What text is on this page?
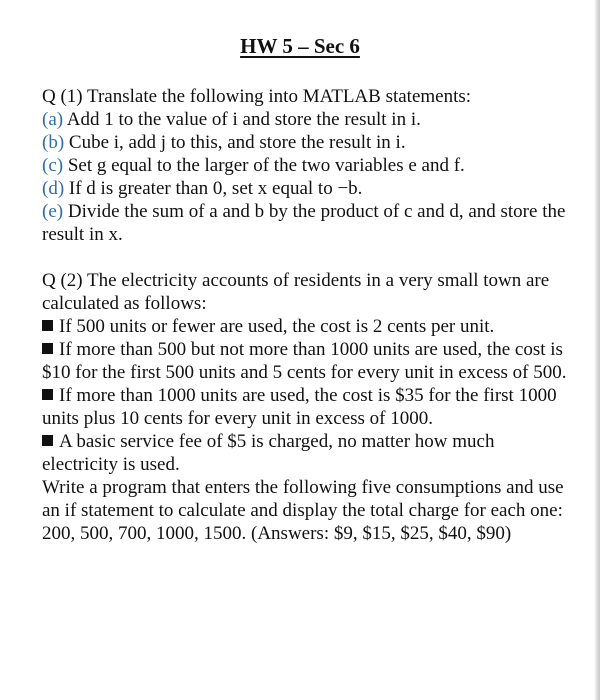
HW 5 – Sec 6

Q (1) Translate the following into MATLAB statements:

(a) Add 1 to the value of i and store the result in i.

(b) Cube i, add j to this, and store the result in i.

(c) Set g equal to the larger of the two variables e and f.

(d) If d is greater than 0, set x equal to −b.

(e) Divide the sum of a and b by the product of c and d, and store the result in x.

Q (2) The electricity accounts of residents in a very small town are calculated as follows:

If 500 units or fewer are used, the cost is 2 cents per unit.

If more than 500 but not more than 1000 units are used, the cost is $10 for the first 500 units and 5 cents for every unit in excess of 500.

If more than 1000 units are used, the cost is $35 for the first 1000 units plus 10 cents for every unit in excess of 1000.

A basic service fee of $5 is charged, no matter how much electricity is used.

Write a program that enters the following five consumptions and use an if statement to calculate and display the total charge for each one: 200, 500, 700, 1000, 1500. (Answers: $9, $15, $25, $40, $90)
